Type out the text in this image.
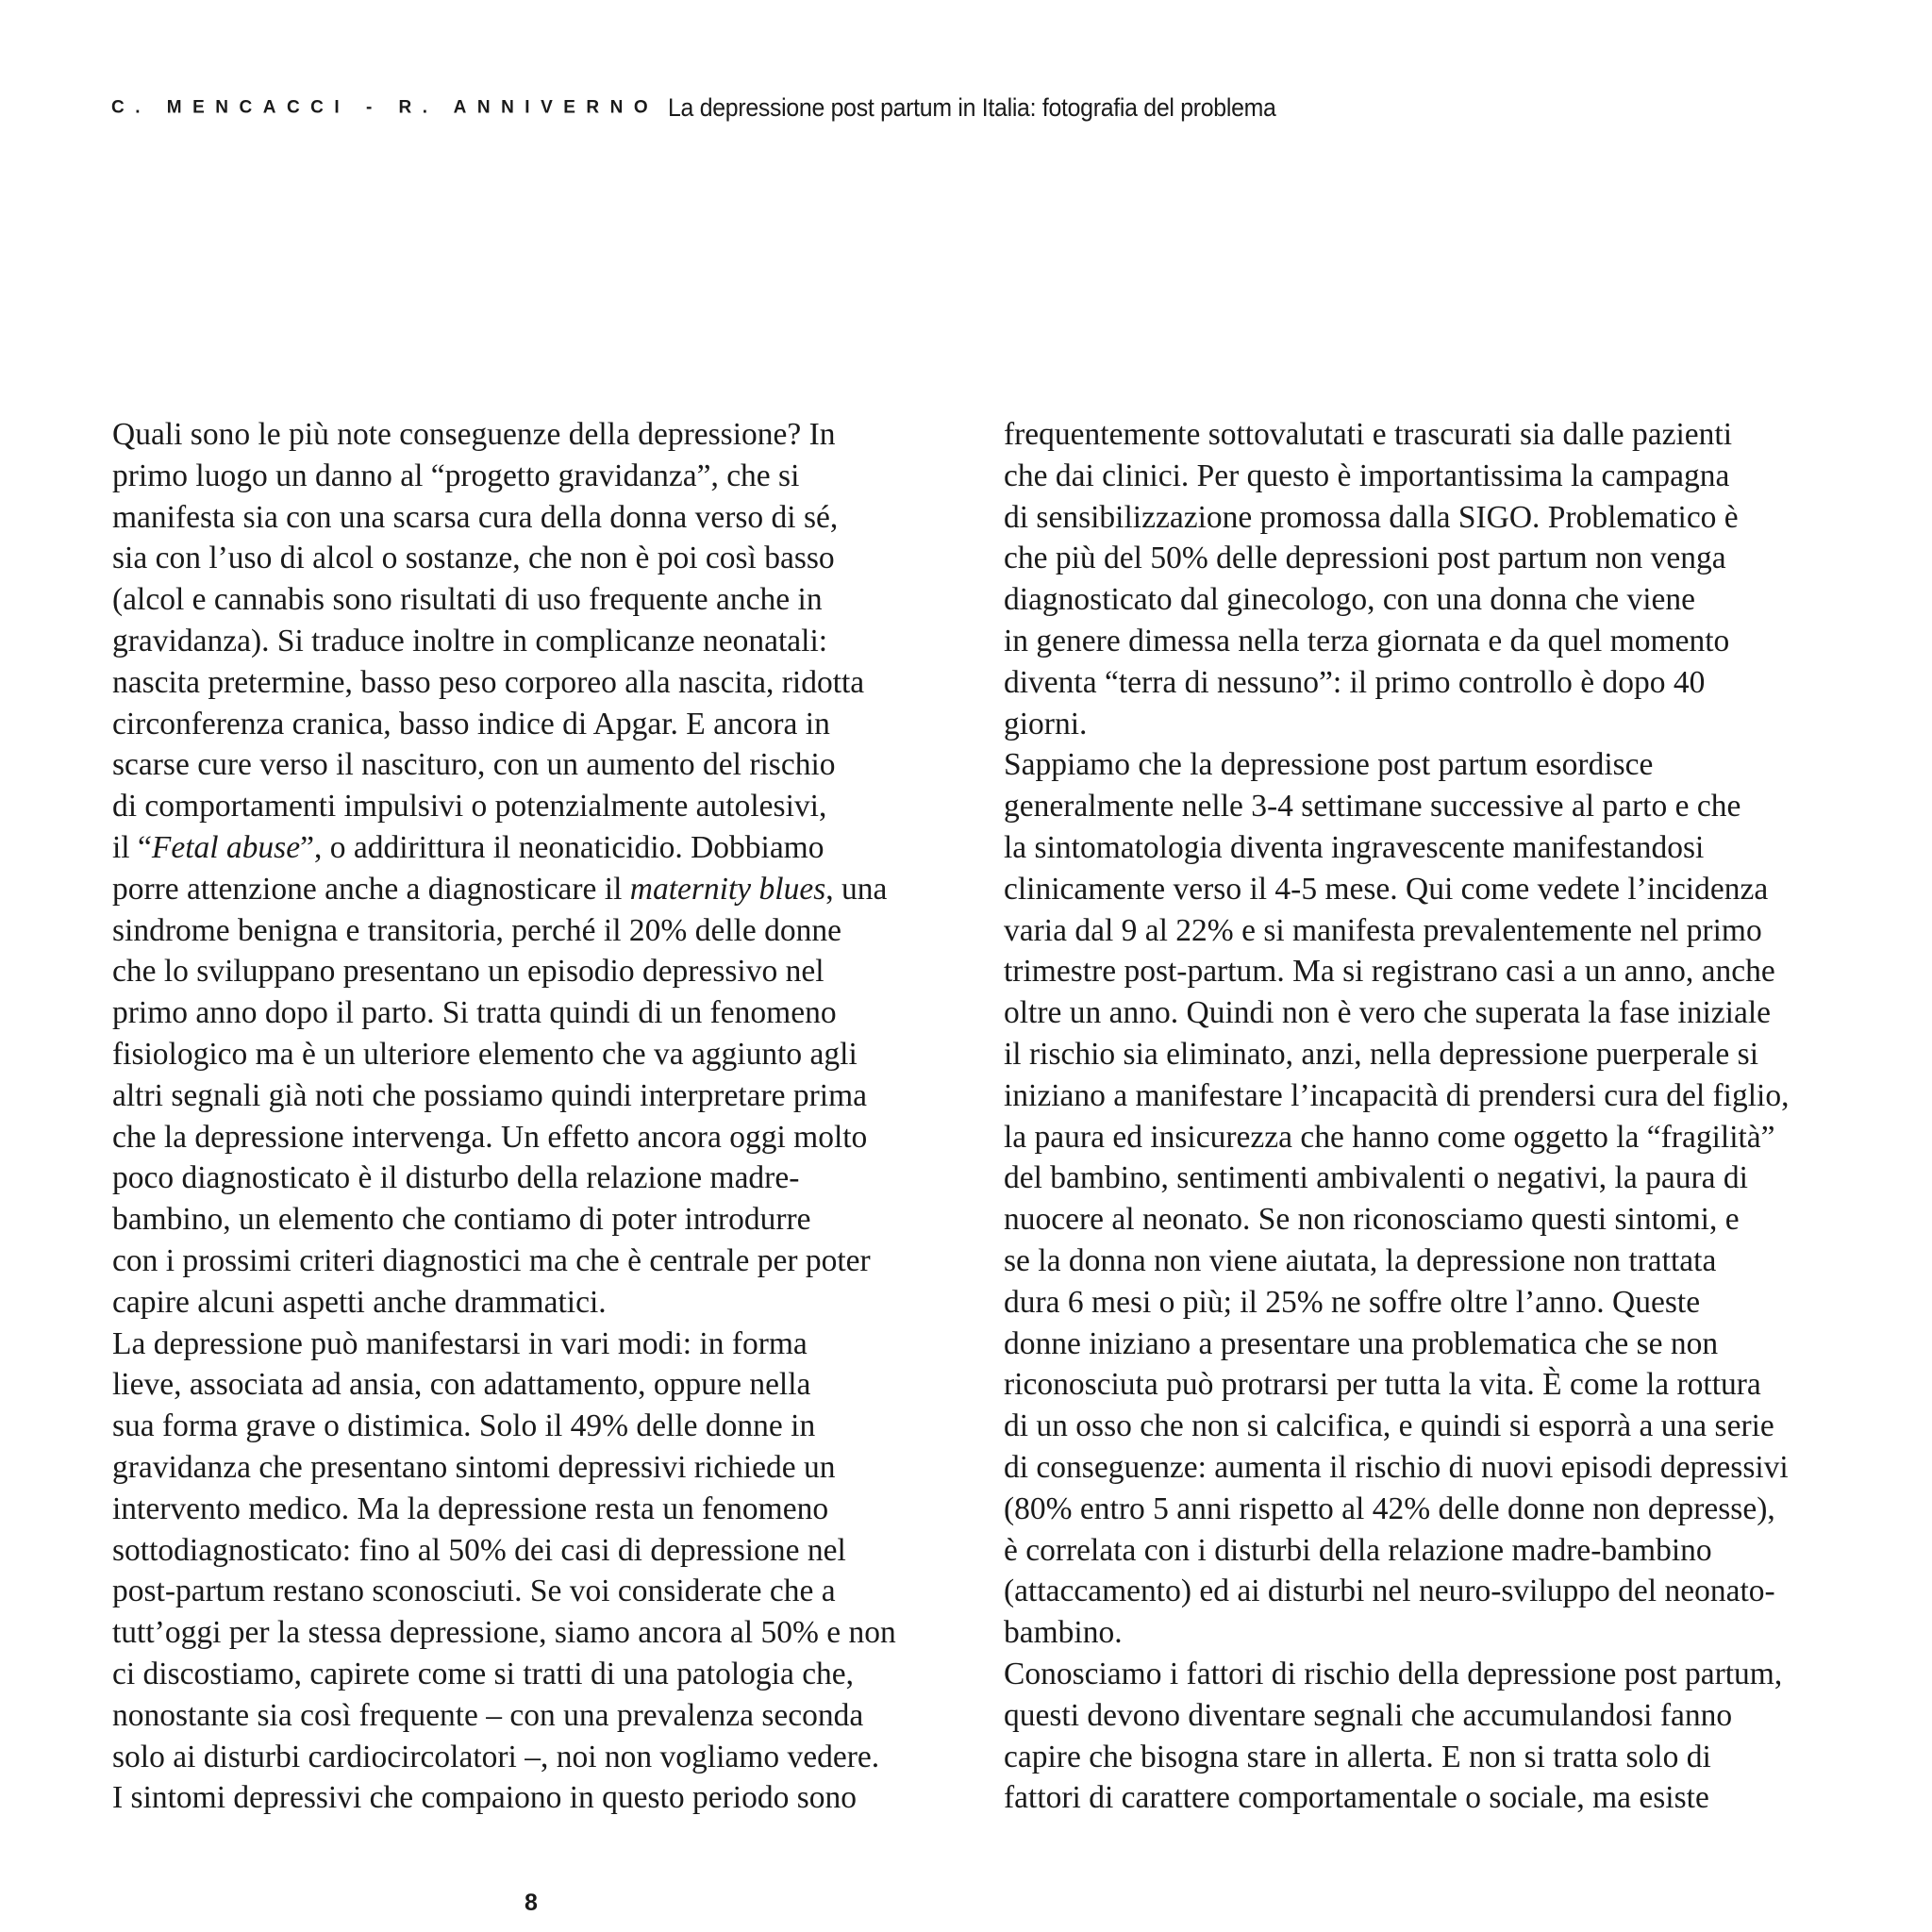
C. MENCACCI - R. ANNIVERNO La depressione post partum in Italia: fotografia del problema
Quali sono le più note conseguenze della depressione? In
primo luogo un danno al “progetto gravidanza”, che si
manifesta sia con una scarsa cura della donna verso di sé,
sia con l’uso di alcol o sostanze, che non è poi così basso
(alcol e cannabis sono risultati di uso frequente anche in
gravidanza). Si traduce inoltre in complicanze neonatali:
nascita pretermine, basso peso corporeo alla nascita, ridotta
circonferenza cranica, basso indice di Apgar. E ancora in
scarse cure verso il nascituro, con un aumento del rischio
di comportamenti impulsivi o potenzialmente autolesivi,
il “Fetal abuse”, o addirittura il neonaticidio. Dobbiamo
porre attenzione anche a diagnosticare il maternity blues, una
sindrome benigna e transitoria, perché il 20% delle donne
che lo sviluppano presentano un episodio depressivo nel
primo anno dopo il parto. Si tratta quindi di un fenomeno
fisiologico ma è un ulteriore elemento che va aggiunto agli
altri segnali già noti che possiamo quindi interpretare prima
che la depressione intervenga. Un effetto ancora oggi molto
poco diagnosticato è il disturbo della relazione madre-
bambino, un elemento che contiamo di poter introdurre
con i prossimi criteri diagnostici ma che è centrale per poter
capire alcuni aspetti anche drammatici.
La depressione può manifestarsi in vari modi: in forma
lieve, associata ad ansia, con adattamento, oppure nella
sua forma grave o distimica. Solo il 49% delle donne in
gravidanza che presentano sintomi depressivi richiede un
intervento medico. Ma la depressione resta un fenomeno
sottodiagnosticato: fino al 50% dei casi di depressione nel
post-partum restano sconosciuti. Se voi considerate che a
tutt’oggi per la stessa depressione, siamo ancora al 50% e non
ci discostiamo, capirete come si tratti di una patologia che,
nonostante sia così frequente – con una prevalenza seconda
solo ai disturbi cardiocircolatori –, noi non vogliamo vedere.
I sintomi depressivi che compaiono in questo periodo sono
frequentemente sottovalutati e trascurati sia dalle pazienti
che dai clinici. Per questo è importantissima la campagna
di sensibilizzazione promossa dalla SIGO. Problematico è
che più del 50% delle depressioni post partum non venga
diagnosticato dal ginecologo, con una donna che viene
in genere dimessa nella terza giornata e da quel momento
diventa “terra di nessuno”: il primo controllo è dopo 40
giorni.
Sappiamo che la depressione post partum esordisce
generalmente nelle 3-4 settimane successive al parto e che
la sintomatologia diventa ingravescente manifestandosi
clinicamente verso il 4-5 mese. Qui come vedete l’incidenza
varia dal 9 al 22% e si manifesta prevalentemente nel primo
trimestre post-partum. Ma si registrano casi a un anno, anche
oltre un anno. Quindi non è vero che superata la fase iniziale
il rischio sia eliminato, anzi, nella depressione puerperale si
iniziano a manifestare l’incapacità di prendersi cura del figlio,
la paura ed insicurezza che hanno come oggetto la “fragilità”
del bambino, sentimenti ambivalenti o negativi, la paura di
nuocere al neonato. Se non riconosciamo questi sintomi, e
se la donna non viene aiutata, la depressione non trattata
dura 6 mesi o più; il 25% ne soffre oltre l’anno. Queste
donne iniziano a presentare una problematica che se non
riconosciuta può protrarsi per tutta la vita. È come la rottura
di un osso che non si calcifica, e quindi si esporrà a una serie
di conseguenze: aumenta il rischio di nuovi episodi depressivi
(80% entro 5 anni rispetto al 42% delle donne non depresse),
è correlata con i disturbi della relazione madre-bambino
(attaccamento) ed ai disturbi nel neuro-sviluppo del neonato-
bambino.
Conosciamo i fattori di rischio della depressione post partum,
questi devono diventare segnali che accumulandosi fanno
capire che bisogna stare in allerta. E non si tratta solo di
fattori di carattere comportamentale o sociale, ma esiste
8
